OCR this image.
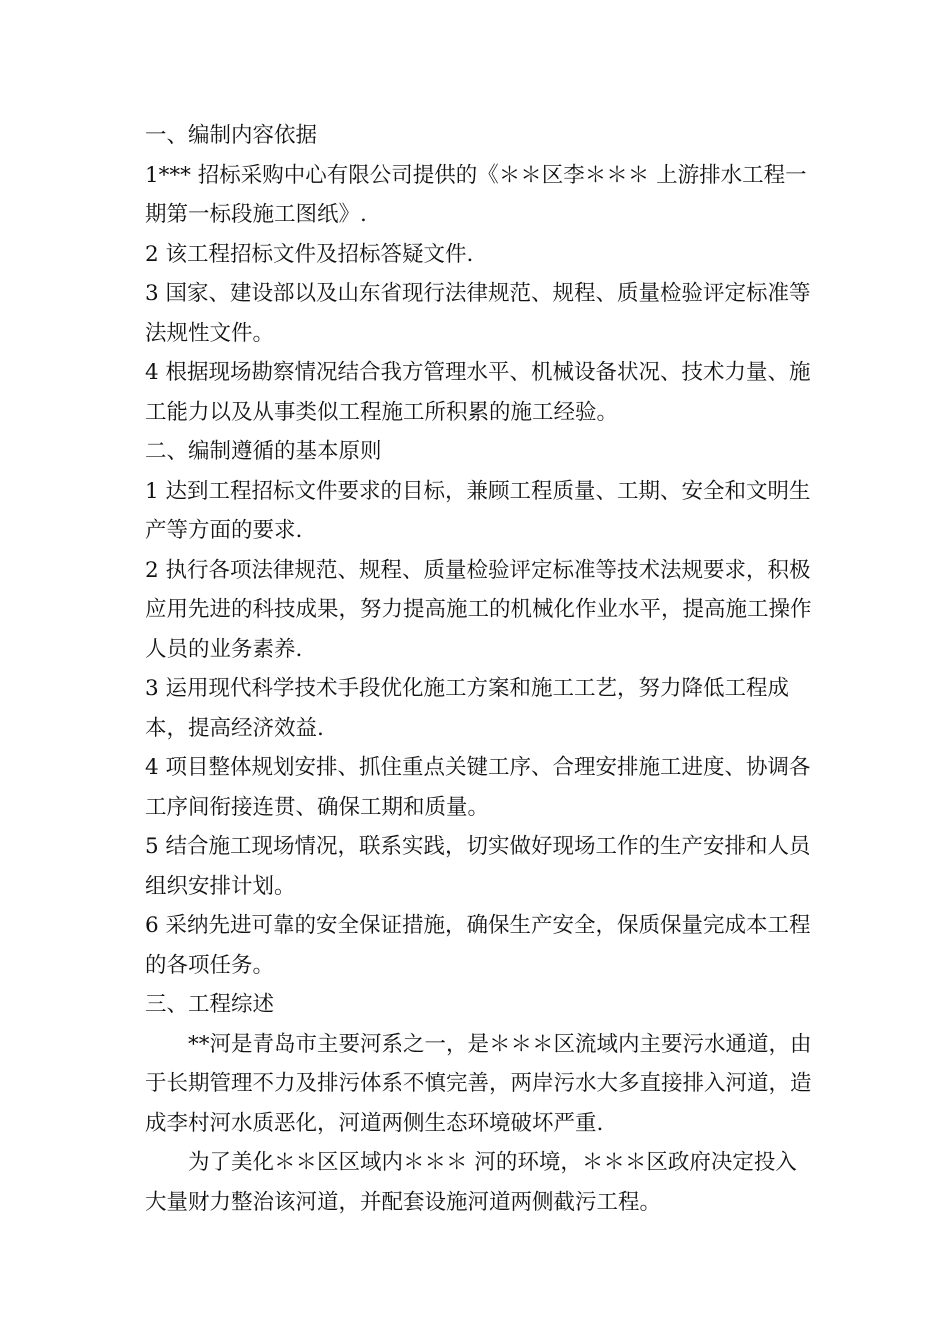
一、编制内容依据

1*** 招标采购中心有限公司提供的《＊＊区李＊＊＊ 上游排水工程一期第一标段施工图纸》.

2 该工程招标文件及招标答疑文件.

3 国家、建设部以及山东省现行法律规范、规程、质量检验评定标准等法规性文件。

4 根据现场勘察情况结合我方管理水平、机械设备状况、技术力量、施工能力以及从事类似工程施工所积累的施工经验。

二、编制遵循的基本原则

1 达到工程招标文件要求的目标，兼顾工程质量、工期、安全和文明生产等方面的要求.

2 执行各项法律规范、规程、质量检验评定标准等技术法规要求，积极应用先进的科技成果，努力提高施工的机械化作业水平，提高施工操作人员的业务素养.

3 运用现代科学技术手段优化施工方案和施工工艺，努力降低工程成本，提高经济效益.

4 项目整体规划安排、抓住重点关键工序、合理安排施工进度、协调各工序间衔接连贯、确保工期和质量。

5 结合施工现场情况，联系实践，切实做好现场工作的生产安排和人员组织安排计划。

6 采纳先进可靠的安全保证措施，确保生产安全，保质保量完成本工程的各项任务。

三、工程综述

**河是青岛市主要河系之一，是＊＊＊区流域内主要污水通道，由于长期管理不力及排污体系不慎完善，两岸污水大多直接排入河道，造成李村河水质恶化，河道两侧生态环境破坏严重.

为了美化＊＊区区域内＊＊＊ 河的环境，＊＊＊区政府决定投入大量财力整治该河道，并配套设施河道两侧截污工程。
